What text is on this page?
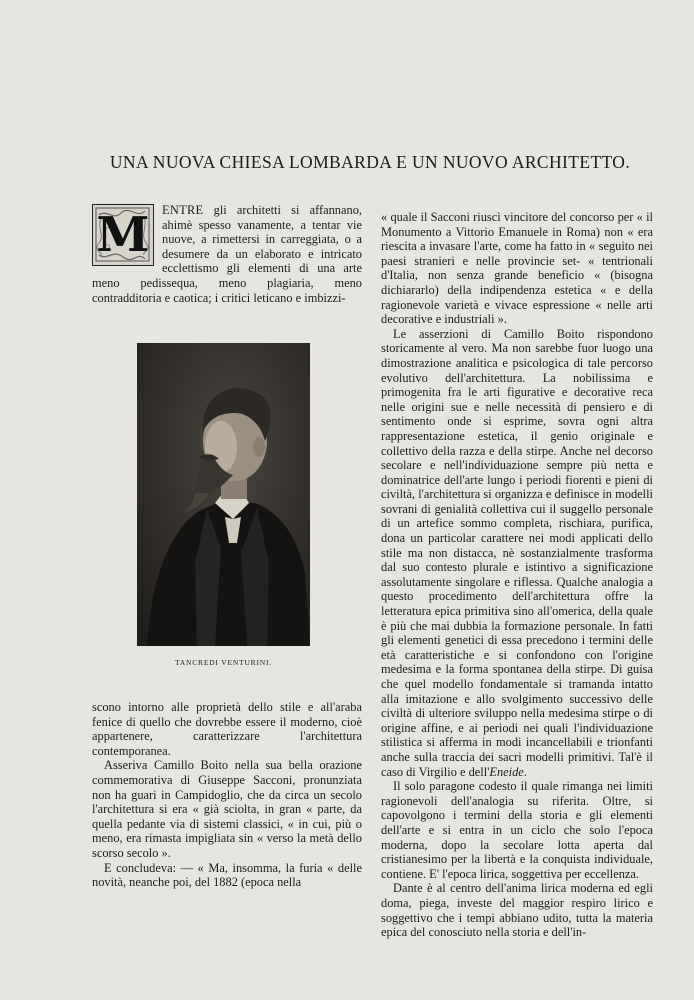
UNA NUOVA CHIESA LOMBARDA E UN NUOVO ARCHITETTO.

M ENTRE gli architetti si affannano, ahimè spesso vanamente, a tentar vie nuove, a rimettersi in carreggiata, o a desumere da un elaborato e intricato ecclettismo gli elementi di una arte meno pedissequa, meno plagiaria, meno contradditoria e caotica; i critici leticano e imbizzi-

TANCREDI VENTURINI.

scono intorno alle proprietà dello stile e all'araba fenice di quello che dovrebbe essere il moderno, cioè appartenere, caratterizzare l'architettura contemporanea.

Asseriva Camillo Boito nella sua bella orazione commemorativa di Giuseppe Sacconi, pronunziata non ha guari in Campidoglio, che da circa un secolo l'architettura si era « già sciolta, in gran « parte, da quella pedante via di sistemi classici, « in cui, più o meno, era rimasta impigliata sin « verso la metà dello scorso secolo ».

E concludeva: — « Ma, insomma, la furia « delle novità, neanche poi, del 1882 (epoca nella

« quale il Sacconi riuscì vincitore del concorso per « il Monumento a Vittorio Emanuele in Roma) non « era riescita a invasare l'arte, come ha fatto in « seguito nei paesi stranieri e nelle provincie set- « tentrionali d'Italia, non senza grande beneficio « (bisogna dichiararlo) della indipendenza estetica « e della ragionevole varietà e vivace espressione « nelle arti decorative e industriali ».

Le asserzioni di Camillo Boito rispondono storicamente al vero. Ma non sarebbe fuor luogo una dimostrazione analitica e psicologica di tale percorso evolutivo dell'architettura. La nobilissima e primogenita fra le arti figurative e decorative reca nelle origini sue e nelle necessità di pensiero e di sentimento onde si esprime, sovra ogni altra rappresentazione estetica, il genio originale e collettivo della razza e della stirpe. Anche nel decorso secolare e nell'individuazione sempre più netta e dominatrice dell'arte lungo i periodi fiorenti e pieni di civiltà, l'architettura si organizza e definisce in modelli sovrani di genialità collettiva cui il suggello personale di un artefice sommo completa, rischiara, purifica, dona un particolar carattere nei modi applicati dello stile ma non distacca, nè sostanzialmente trasforma dal suo contesto plurale e istintivo a significazione assolutamente singolare e riflessa. Qualche analogia a questo procedimento dell'architettura offre la letteratura epica primitiva sino all'omerica, della quale è più che mai dubbia la formazione personale. In fatti gli elementi genetici di essa precedono i termini delle età caratteristiche e si confondono con l'origine medesima e la forma spontanea della stirpe. Di guisa che quel modello fondamentale si tramanda intatto alla imitazione e allo svolgimento successivo delle civiltà di ulteriore sviluppo nella medesima stirpe o di origine affine, e ai periodi nei quali l'individuazione stilistica si afferma in modi incancellabili e trionfanti anche sulla traccia dei sacri modelli primitivi. Tal'è il caso di Virgilio e dell'Eneide.

Il solo paragone codesto il quale rimanga nei limiti ragionevoli dell'analogia su riferita. Oltre, si capovolgono i termini della storia e gli elementi dell'arte e si entra in un ciclo che solo l'epoca moderna, dopo la secolare lotta aperta dal cristianesimo per la libertà e la conquista individuale, contiene. E' l'epoca lirica, soggettiva per eccellenza.

Dante è al centro dell'anima lirica moderna ed egli doma, piega, investe del maggior respiro lirico e soggettivo che i tempi abbiano udito, tutta la materia epica del conosciuto nella storia e dell'in-
